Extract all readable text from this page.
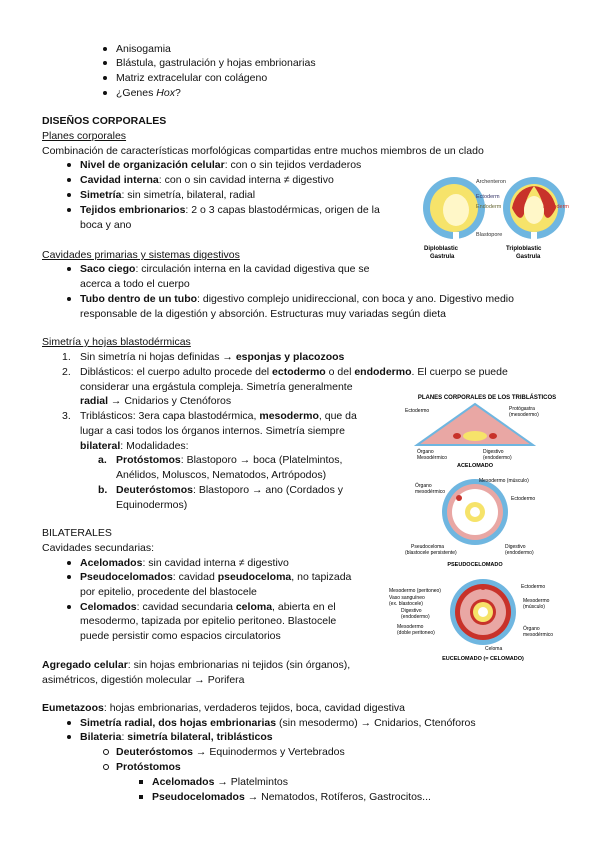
Anisogamia
Blástula, gastrulación y hojas embrionarias
Matriz extracelular con colágeno
¿Genes Hox?
DISEÑOS CORPORALES
Planes corporales
Combinación de características morfológicas compartidas entre muchos miembros de un clado
Nivel de organización celular: con o sin tejidos verdaderos
Cavidad interna: con o sin cavidad interna ≠ digestivo
Simetría: sin simetría, bilateral, radial
Tejidos embrionarios: 2 o 3 capas blastodérmicas, origen de la
boca y ano
Archenteron
Ectoderm
Endoderm
Blastopore
Mesoderm
Diploblastic
Gastrula
Triploblastic
Gastrula
Cavidades primarias y sistemas digestivos
Saco ciego: circulación interna en la cavidad digestiva que se
acerca a todo el cuerpo
Tubo dentro de un tubo: digestivo complejo unidireccional, con boca y ano. Digestivo medio
responsable de la digestión y absorción. Estructuras muy variadas según dieta
Simetría y hojas blastodérmicas
1. Sin simetría ni hojas definidas → esponjas y placozoos
2. Diblásticos: el cuerpo adulto procede del ectodermo o del endodermo. El cuerpo se puede
considerar una ergástula compleja. Simetría generalmente
radial → Cnidarios y Ctenóforos
3. Triblásticos: 3era capa blastodérmica, mesodermo, que da
lugar a casi todos los órganos internos. Simetría siempre
bilateral: Modalidades:
a. Protóstomos: Blastoporo → boca (Platelmintos,
Anélidos, Moluscos, Nematodos, Artrópodos)
b. Deuteróstomos: Blastoporo → ano (Cordados y
Equinodermos)
PLANES CORPORALES DE LOS TRIBLÁSTICOS
Ectodermo	Protógastra
(mesodermo)
Órgano
Mesodérmico
Digestivo
(endodermo)
ACELOMADO
Órgano
mesodérmico
Mesodermo (músculo)
Ectodermo
Pseudoceloma
(blastocele persistente)
Digestivo
(endodermo)
PSEUDOCELOMADO
Mesodermo (peritoneo)
Vaso sanguíneo
(ex. blastocele)
Digestivo
(endodermo)
Mesodermo
(doble peritoneo)
Ectodermo
Mesodermo
(músculo)
Órgano
mesodérmico
Celoma
EUCELOMADO (= CELOMADO)
BILATERALES
Cavidades secundarias:
Acelomados: sin cavidad interna ≠ digestivo
Pseudocelomados: cavidad pseudoceloma, no tapizada
por epitelio, procedente del blastocele
Celomados: cavidad secundaria celoma, abierta en el
mesodermo, tapizada por epitelio peritoneo. Blastocele
puede persistir como espacios circulatorios
Agregado celular: sin hojas embrionarias ni tejidos (sin órganos),
asimétricos, digestión molecular → Porifera
Eumetazoos: hojas embrionarias, verdaderos tejidos, boca, cavidad digestiva
Simetría radial, dos hojas embrionarias (sin mesodermo) → Cnidarios, Ctenóforos
Bilateria: simetría bilateral, triblásticos
Deuteróstomos → Equinodermos y Vertebrados
Protóstomos
Acelomados → Platelmintos
Pseudocelomados → Nematodos, Rotíferos, Gastrocitos...
